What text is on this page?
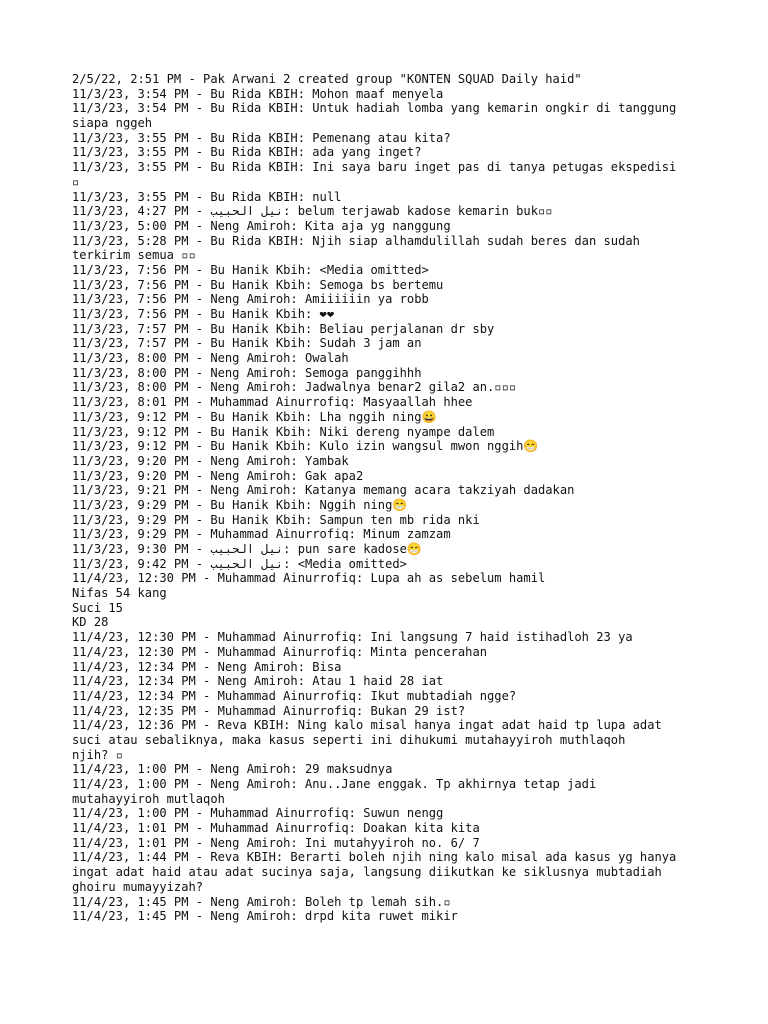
2/5/22, 2:51 PM - Pak Arwani 2 created group "KONTEN SQUAD Daily haid"
11/3/23, 3:54 PM - Bu Rida KBIH: Mohon maaf menyela
11/3/23, 3:54 PM - Bu Rida KBIH: Untuk hadiah lomba yang kemarin ongkir di tanggung
siapa nggeh
11/3/23, 3:55 PM - Bu Rida KBIH: Pemenang atau kita?
11/3/23, 3:55 PM - Bu Rida KBIH: ada yang inget?
11/3/23, 3:55 PM - Bu Rida KBIH: Ini saya baru inget pas di tanya petugas ekspedisi
▫
11/3/23, 3:55 PM - Bu Rida KBIH: null
11/3/23, 4:27 PM - نيل الحبيب: belum terjawab kadose kemarin buk▫▫
11/3/23, 5:00 PM - Neng Amiroh: Kita aja yg nanggung
11/3/23, 5:28 PM - Bu Rida KBIH: Njih siap alhamdulillah sudah beres dan sudah
terkirim semua ▫▫
11/3/23, 7:56 PM - Bu Hanik Kbih: <Media omitted>
11/3/23, 7:56 PM - Bu Hanik Kbih: Semoga bs bertemu
11/3/23, 7:56 PM - Neng Amiroh: Amiiiiiin ya robb
11/3/23, 7:56 PM - Bu Hanik Kbih: ❤❤
11/3/23, 7:57 PM - Bu Hanik Kbih: Beliau perjalanan dr sby
11/3/23, 7:57 PM - Bu Hanik Kbih: Sudah 3 jam an
11/3/23, 8:00 PM - Neng Amiroh: Owalah
11/3/23, 8:00 PM - Neng Amiroh: Semoga panggihhh
11/3/23, 8:00 PM - Neng Amiroh: Jadwalnya benar2 gila2 an.▫▫▫
11/3/23, 8:01 PM - Muhammad Ainurrofiq: Masyaallah hhee
11/3/23, 9:12 PM - Bu Hanik Kbih: Lha nggih ning😀
11/3/23, 9:12 PM - Bu Hanik Kbih: Niki dereng nyampe dalem
11/3/23, 9:12 PM - Bu Hanik Kbih: Kulo izin wangsul mwon nggih😁
11/3/23, 9:20 PM - Neng Amiroh: Yambak
11/3/23, 9:20 PM - Neng Amiroh: Gak apa2
11/3/23, 9:21 PM - Neng Amiroh: Katanya memang acara takziyah dadakan
11/3/23, 9:29 PM - Bu Hanik Kbih: Nggih ning😁
11/3/23, 9:29 PM - Bu Hanik Kbih: Sampun ten mb rida nki
11/3/23, 9:29 PM - Muhammad Ainurrofiq: Minum zamzam
11/3/23, 9:30 PM - نيل الحبيب: pun sare kadose😁
11/3/23, 9:42 PM - نيل الحبيب: <Media omitted>
11/4/23, 12:30 PM - Muhammad Ainurrofiq: Lupa ah as sebelum hamil
Nifas 54 kang
Suci 15
KD 28
11/4/23, 12:30 PM - Muhammad Ainurrofiq: Ini langsung 7 haid istihadloh 23 ya
11/4/23, 12:30 PM - Muhammad Ainurrofiq: Minta pencerahan
11/4/23, 12:34 PM - Neng Amiroh: Bisa
11/4/23, 12:34 PM - Neng Amiroh: Atau 1 haid 28 iat
11/4/23, 12:34 PM - Muhammad Ainurrofiq: Ikut mubtadiah ngge?
11/4/23, 12:35 PM - Muhammad Ainurrofiq: Bukan 29 ist?
11/4/23, 12:36 PM - Reva KBIH: Ning kalo misal hanya ingat adat haid tp lupa adat
suci atau sebaliknya, maka kasus seperti ini dihukumi mutahayyiroh muthlaqoh
njih? ▫
11/4/23, 1:00 PM - Neng Amiroh: 29 maksudnya
11/4/23, 1:00 PM - Neng Amiroh: Anu..Jane enggak. Tp akhirnya tetap jadi
mutahayyiroh mutlaqoh
11/4/23, 1:00 PM - Muhammad Ainurrofiq: Suwun nengg
11/4/23, 1:01 PM - Muhammad Ainurrofiq: Doakan kita kita
11/4/23, 1:01 PM - Neng Amiroh: Ini mutahyyiroh no. 6/ 7
11/4/23, 1:44 PM - Reva KBIH: Berarti boleh njih ning kalo misal ada kasus yg hanya
ingat adat haid atau adat sucinya saja, langsung diikutkan ke siklusnya mubtadiah
ghoiru mumayyizah?
11/4/23, 1:45 PM - Neng Amiroh: Boleh tp lemah sih.▫
11/4/23, 1:45 PM - Neng Amiroh: drpd kita ruwet mikir
